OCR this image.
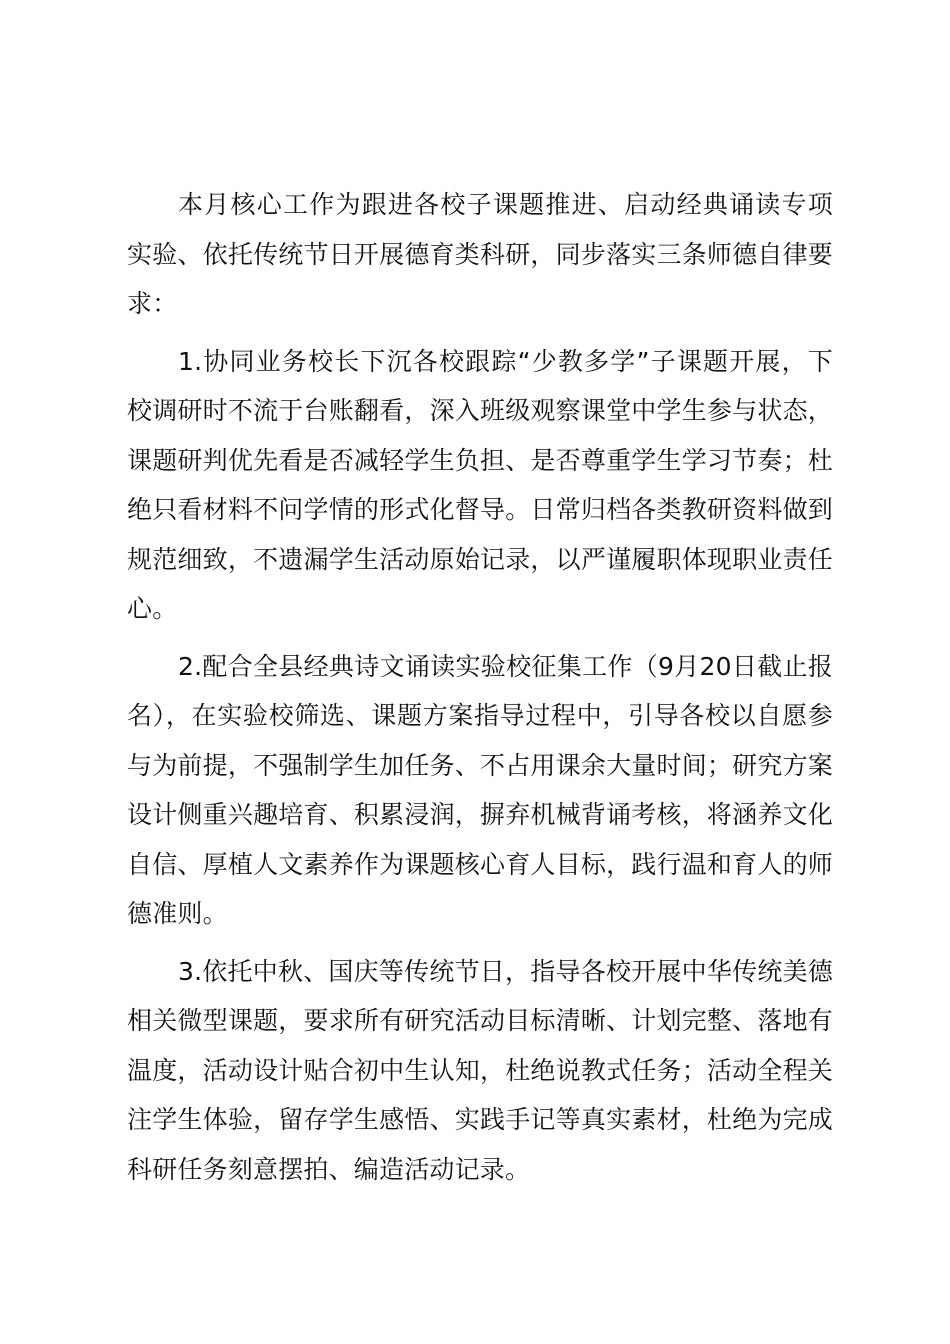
本月核心工作为跟进各校子课题推进、启动经典诵读专项实验、依托传统节日开展德育类科研，同步落实三条师德自律要求：

1.协同业务校长下沉各校跟踪“少教多学”子课题开展，下校调研时不流于台账翻看，深入班级观察课堂中学生参与状态，课题研判优先看是否减轻学生负担、是否尊重学生学习节奏；杜绝只看材料不问学情的形式化督导。日常归档各类教研资料做到规范细致，不遗漏学生活动原始记录，以严谨履职体现职业责任心。

2.配合全县经典诗文诵读实验校征集工作（9月20日截止报名），在实验校筛选、课题方案指导过程中，引导各校以自愿参与为前提，不强制学生加任务、不占用课余大量时间；研究方案设计侧重兴趣培育、积累浸润，摒弃机械背诵考核，将涵养文化自信、厚植人文素养作为课题核心育人目标，践行温和育人的师德准则。

3.依托中秋、国庆等传统节日，指导各校开展中华传统美德相关微型课题，要求所有研究活动目标清晰、计划完整、落地有温度，活动设计贴合初中生认知，杜绝说教式任务；活动全程关注学生体验，留存学生感悟、实践手记等真实素材，杜绝为完成科研任务刻意摆拍、编造活动记录。
